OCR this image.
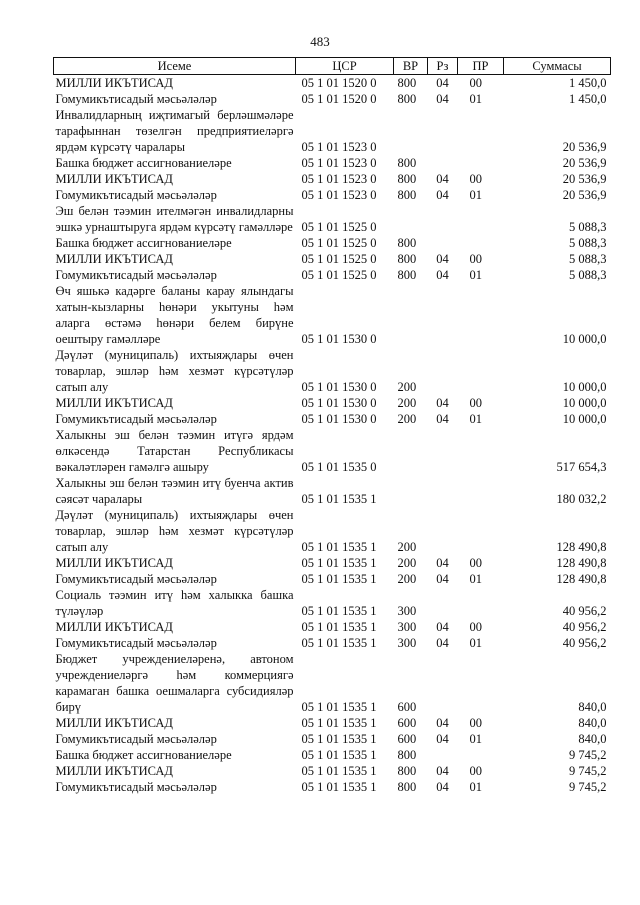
483
Исеме	ЦСР	ВР	Рз	ПР	Суммасы
МИЛЛИ ИКЪТИСАД	05 1 01 1520 0	800	04	00	1 450,0
Гомумикътисадый мәсьәләләр	05 1 01 1520 0	800	04	01	1 450,0
Инвалидларның иҗтимагый берләшмәләре тарафыннан төзелгән предприятиеләргә ярдәм күрсәтү чаралары	05 1 01 1523 0				20 536,9
Башка бюджет ассигнованиеләре	05 1 01 1523 0	800			20 536,9
МИЛЛИ ИКЪТИСАД	05 1 01 1523 0	800	04	00	20 536,9
Гомумикътисадый мәсьәләләр	05 1 01 1523 0	800	04	01	20 536,9
Эш белән тәэмин ителмәгән инвалидларны эшкә урнаштыруга ярдәм күрсәтү гамәлләре	05 1 01 1525 0				5 088,3
Башка бюджет ассигнованиеләре	05 1 01 1525 0	800			5 088,3
МИЛЛИ ИКЪТИСАД	05 1 01 1525 0	800	04	00	5 088,3
Гомумикътисадый мәсьәләләр	05 1 01 1525 0	800	04	01	5 088,3
Өч яшькә кадәрге баланы карау ялындагы хатын-кызларны һөнәри укытуны һәм аларга өстәмә һөнәри белем бирүне оештыру гамәлләре	05 1 01 1530 0				10 000,0
Дәүләт (муниципаль) ихтыяҗлары өчен товарлар, эшләр һәм хезмәт күрсәтүләр сатып алу	05 1 01 1530 0	200			10 000,0
МИЛЛИ ИКЪТИСАД	05 1 01 1530 0	200	04	00	10 000,0
Гомумикътисадый мәсьәләләр	05 1 01 1530 0	200	04	01	10 000,0
Халыкны эш белән тәэмин итүгә ярдәм өлкәсендә Татарстан Республикасы вәкаләтләрен гамәлгә ашыру	05 1 01 1535 0				517 654,3
Халыкны эш белән тәэмин итү буенча актив сәясәт чаралары	05 1 01 1535 1				180 032,2
Дәүләт (муниципаль) ихтыяҗлары өчен товарлар, эшләр һәм хезмәт күрсәтүләр сатып алу	05 1 01 1535 1	200			128 490,8
МИЛЛИ ИКЪТИСАД	05 1 01 1535 1	200	04	00	128 490,8
Гомумикътисадый мәсьәләләр	05 1 01 1535 1	200	04	01	128 490,8
Социаль тәэмин итү һәм халыкка башка түләүләр	05 1 01 1535 1	300			40 956,2
МИЛЛИ ИКЪТИСАД	05 1 01 1535 1	300	04	00	40 956,2
Гомумикътисадый мәсьәләләр	05 1 01 1535 1	300	04	01	40 956,2
Бюджет учреждениеләренә, автоном учреждениеләргә һәм коммерциягә карамаган башка оешмаларга субсидияләр бирү	05 1 01 1535 1	600			840,0
МИЛЛИ ИКЪТИСАД	05 1 01 1535 1	600	04	00	840,0
Гомумикътисадый мәсьәләләр	05 1 01 1535 1	600	04	01	840,0
Башка бюджет ассигнованиеләре	05 1 01 1535 1	800			9 745,2
МИЛЛИ ИКЪТИСАД	05 1 01 1535 1	800	04	00	9 745,2
Гомумикътисадый мәсьәләләр	05 1 01 1535 1	800	04	01	9 745,2
